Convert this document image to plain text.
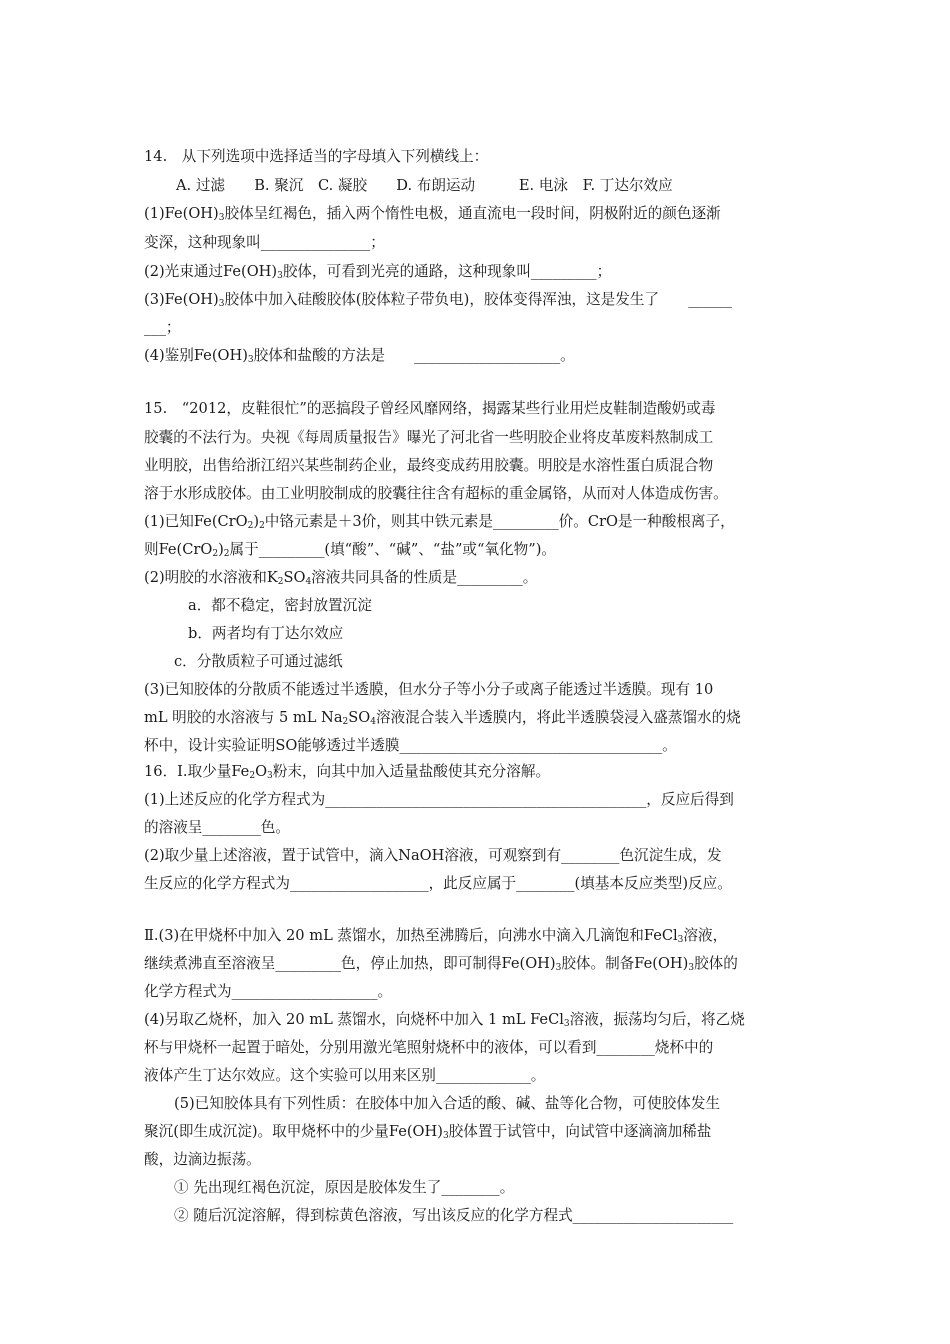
14.　从下列选项中选择适当的字母填入下列横线上：
A. 过滤　　B. 聚沉　C. 凝胶　　D. 布朗运动　　　E. 电泳　F. 丁达尔效应
$(1)Fe(OH)_3$胶体呈红褐色，插入两个惰性电极，通直流电一段时间，阴极附近的颜色逐渐
变深，这种现象叫_______________；
(2)光束通过$Fe(OH)_3$胶体，可看到光亮的通路，这种现象叫_________；
$(3)Fe(OH)_3$胶体中加入硅酸胶体(胶体粒子带负电)，胶体变得浑浊，这是发生了　　______
___；
(4)鉴别$Fe(OH)_3$胶体和盐酸的方法是　　____________________。
15.　“2012，皮鞋很忙”的恶搞段子曾经风靡网络，揭露某些行业用烂皮鞋制造酸奶或毒
胶囊的不法行为。央视《每周质量报告》曝光了河北省一些明胶企业将皮革废料熬制成工
业明胶，出售给浙江绍兴某些制药企业，最终变成药用胶囊。明胶是水溶性蛋白质混合物
溶于水形成胶体。由工业明胶制成的胶囊往往含有超标的重金属铬，从而对人体造成伤害。
(1)已知$Fe(CrO_2)_2$中铬元素是＋3价，则其中铁元素是_________价。CrO是一种酸根离子，
则$Fe(CrO_2)_2$属于_________(填“酸”、“碱”、“盐”或“氧化物”)。
(2)明胶的水溶液和$K_2SO_4$溶液共同具备的性质是_________。
a．都不稳定，密封放置沉淀
b．两者均有丁达尔效应
c．分散质粒子可通过滤纸
(3)已知胶体的分散质不能透过半透膜，但水分子等小分子或离子能透过半透膜。现有 10
mL 明胶的水溶液与 5 mL $Na_2SO_4$溶液混合装入半透膜内，将此半透膜袋浸入盛蒸馏水的烧
杯中，设计实验证明SO能够透过半透膜____________________________________。
16．Ⅰ.取少量$Fe_2O_3$粉末，向其中加入适量盐酸使其充分溶解。
(1)上述反应的化学方程式为____________________________________________，反应后得到
的溶液呈________色。
(2)取少量上述溶液，置于试管中，滴入NaOH溶液，可观察到有________色沉淀生成，发
生反应的化学方程式为___________________，此反应属于________(填基本反应类型)反应。
Ⅱ.(3)在甲烧杯中加入 20 mL 蒸馏水，加热至沸腾后，向沸水中滴入几滴饱和FeCl$_3$溶液，
继续煮沸直至溶液呈_________色，停止加热，即可制得$Fe(OH)_3$胶体。制备$Fe(OH)_3$胶体的
化学方程式为____________________。
(4)另取乙烧杯，加入 20 mL 蒸馏水，向烧杯中加入 1 mL FeCl$_3$溶液，振荡均匀后，将乙烧
杯与甲烧杯一起置于暗处，分别用激光笔照射烧杯中的液体，可以看到________烧杯中的
液体产生丁达尔效应。这个实验可以用来区别_____________。
(5)已知胶体具有下列性质：在胶体中加入合适的酸、碱、盐等化合物，可使胶体发生
聚沉(即生成沉淀)。取甲烧杯中的少量$Fe(OH)_3$胶体置于试管中，向试管中逐滴滴加稀盐
酸，边滴边振荡。
① 先出现红褐色沉淀，原因是胶体发生了________。
② 随后沉淀溶解，得到棕黄色溶液，写出该反应的化学方程式______________________
